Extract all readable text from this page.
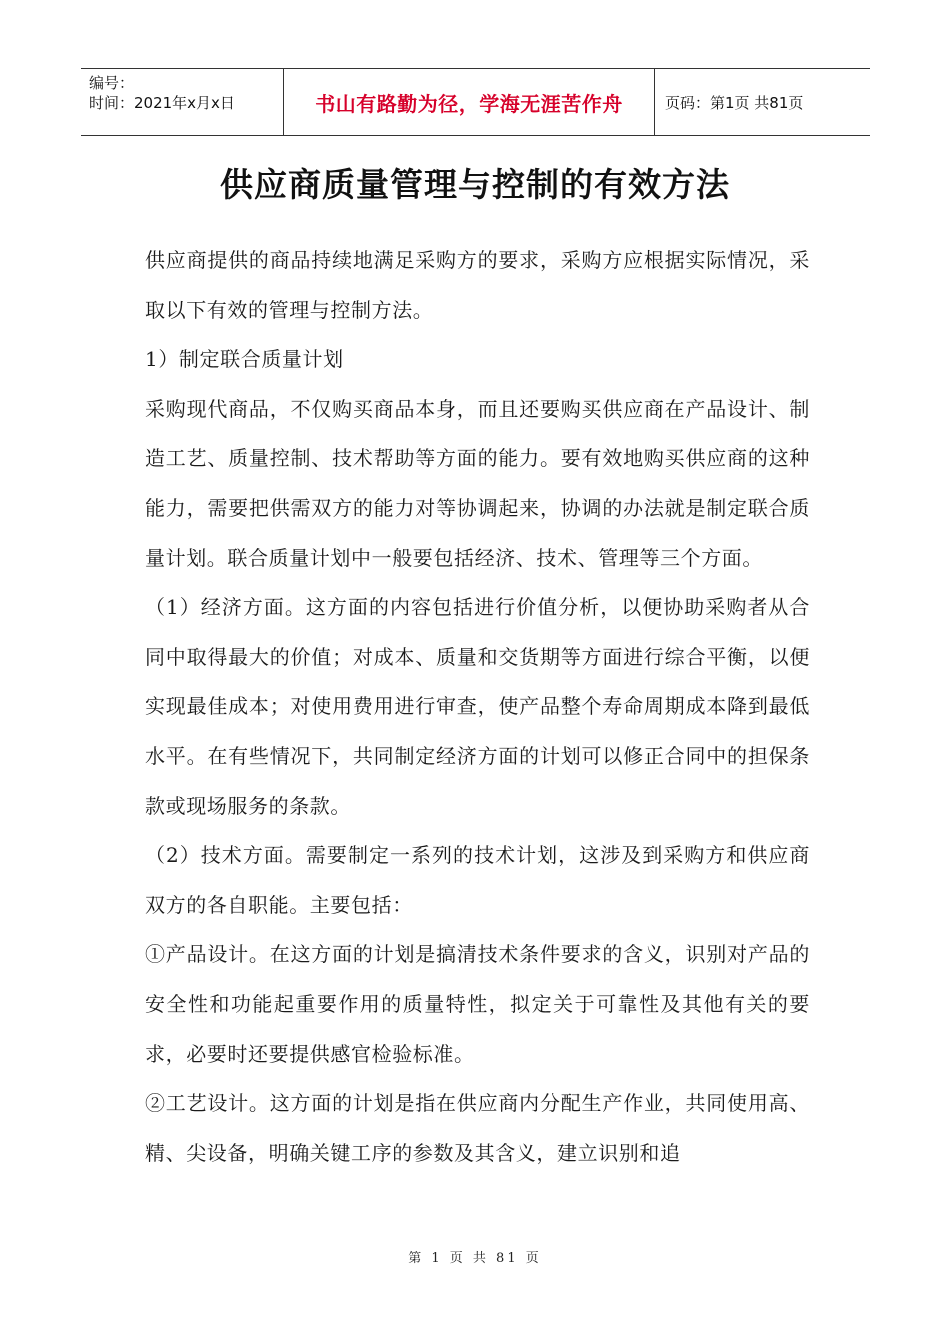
编号：
时间：2021年x月x日	书山有路勤为径，学海无涯苦作舟	页码：第1页 共81页
供应商质量管理与控制的有效方法

供应商提供的商品持续地满足采购方的要求，采购方应根据实际情况，采取以下有效的管理与控制方法。

1）制定联合质量计划

采购现代商品，不仅购买商品本身，而且还要购买供应商在产品设计、制造工艺、质量控制、技术帮助等方面的能力。要有效地购买供应商的这种能力，需要把供需双方的能力对等协调起来，协调的办法就是制定联合质量计划。联合质量计划中一般要包括经济、技术、管理等三个方面。

（1）经济方面。这方面的内容包括进行价值分析，以便协助采购者从合同中取得最大的价值；对成本、质量和交货期等方面进行综合平衡，以便实现最佳成本；对使用费用进行审查，使产品整个寿命周期成本降到最低水平。在有些情况下，共同制定经济方面的计划可以修正合同中的担保条款或现场服务的条款。

（2）技术方面。需要制定一系列的技术计划，这涉及到采购方和供应商双方的各自职能。主要包括：

①产品设计。在这方面的计划是搞清技术条件要求的含义，识别对产品的安全性和功能起重要作用的质量特性，拟定关于可靠性及其他有关的要求，必要时还要提供感官检验标准。

②工艺设计。这方面的计划是指在供应商内分配生产作业，共同使用高、精、尖设备，明确关键工序的参数及其含义，建立识别和追

第 1 页 共 81 页
